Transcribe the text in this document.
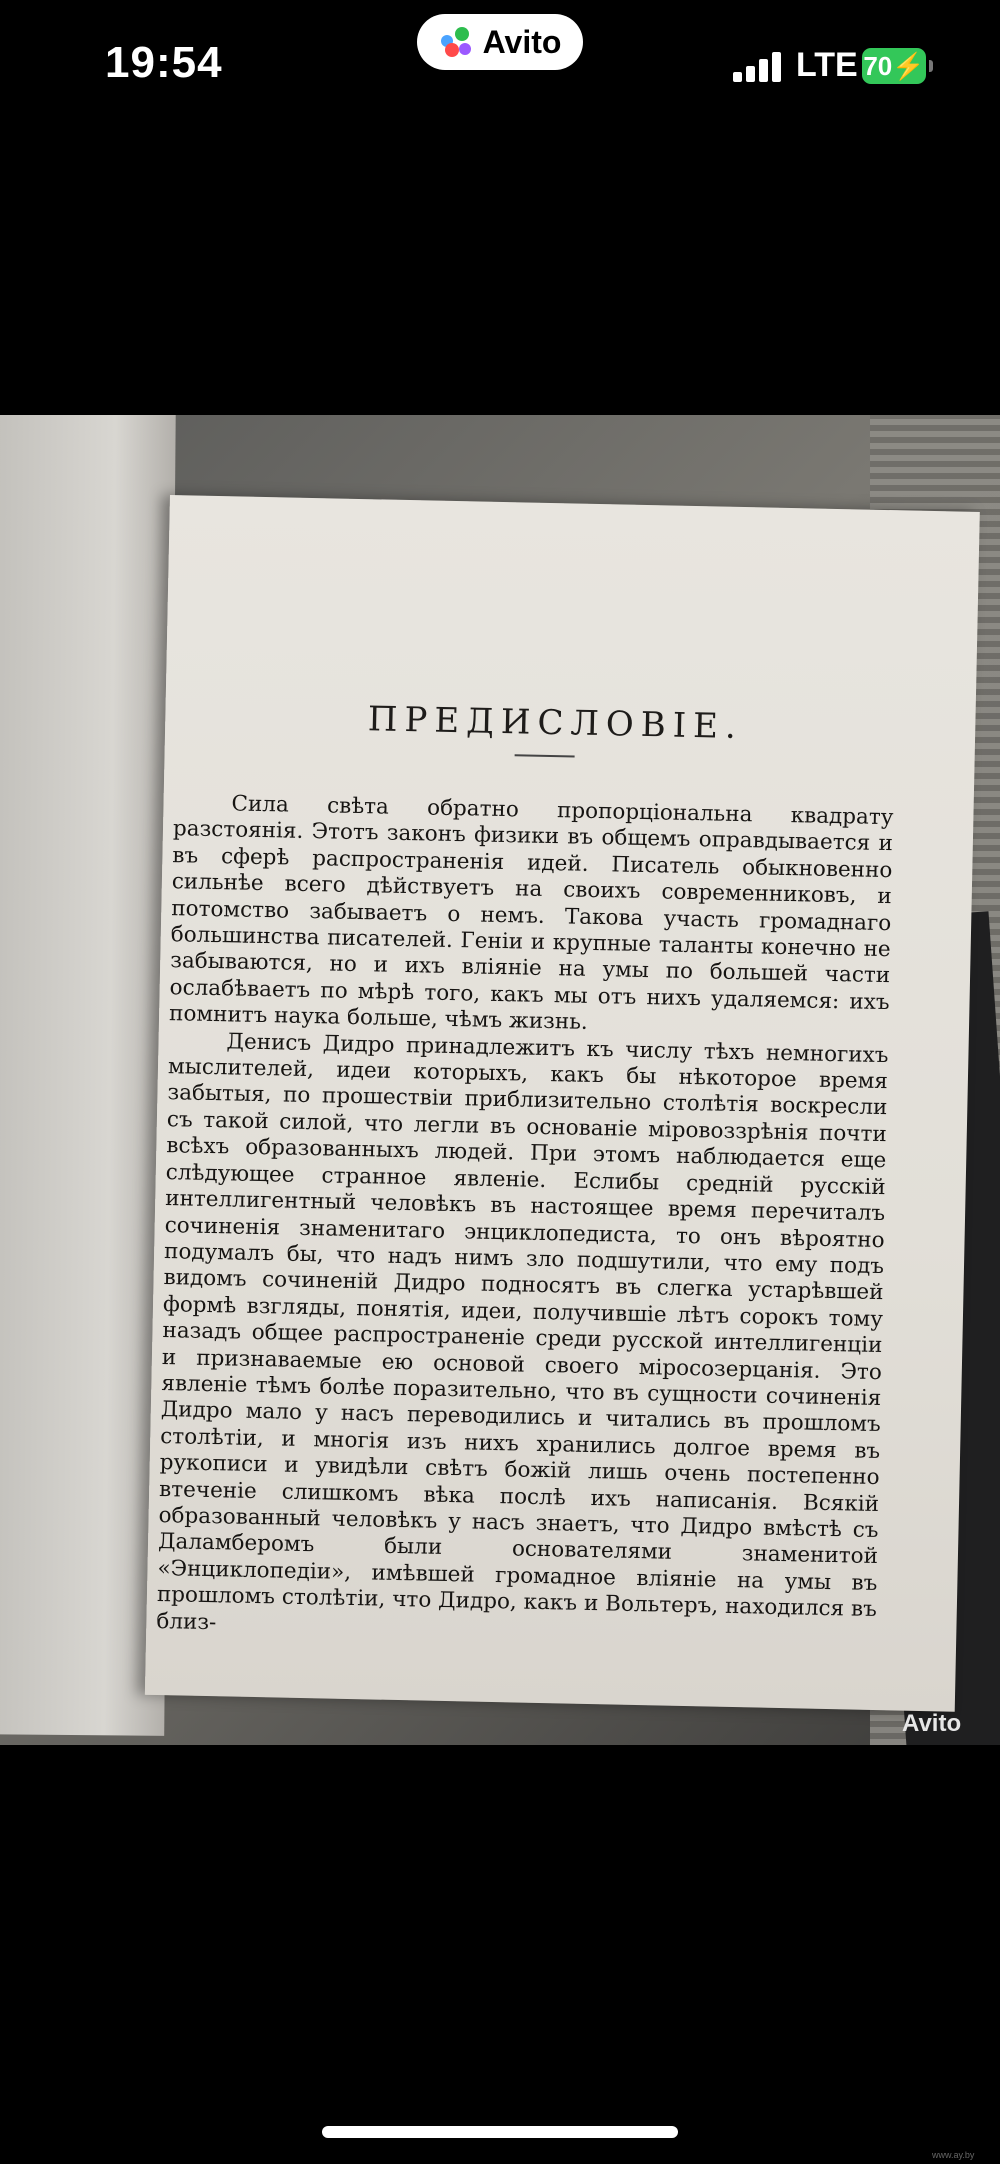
19:54	Avito
LTE 70 ⚡
ПРЕДИСЛОВІЕ.

Сила свѣта обратно пропорціональна квадрату разстоянія. Этотъ законъ физики въ общемъ оправдывается и въ сферѣ распространенія идей. Писатель обыкновенно сильнѣе всего дѣйствуетъ на своихъ современниковъ, и потомство забываетъ о немъ. Такова участь громаднаго большинства писателей. Геніи и крупные таланты конечно не забываются, но и ихъ вліяніе на умы по большей части ослабѣваетъ по мѣрѣ того, какъ мы отъ нихъ удаляемся: ихъ помнитъ наука больше, чѣмъ жизнь.

Денисъ Дидро принадлежитъ къ числу тѣхъ немногихъ мыслителей, идеи которыхъ, какъ бы нѣкоторое время забытыя, по прошествіи приблизительно столѣтія воскресли съ такой силой, что легли въ основаніе міровоззрѣнія почти всѣхъ образованныхъ людей. При этомъ наблюдается еще слѣдующее странное явленіе. Еслибы средній русскій интеллигентный человѣкъ въ настоящее время перечиталъ сочиненія знаменитаго энциклопедиста, то онъ вѣроятно подумалъ бы, что надъ нимъ зло подшутили, что ему подъ видомъ сочиненій Дидро подносятъ въ слегка устарѣвшей формѣ взгляды, понятія, идеи, получившіе лѣтъ сорокъ тому назадъ общее распространеніе среди русской интеллигенціи и признаваемые ею основой своего міросозерцанія. Это явленіе тѣмъ болѣе поразительно, что въ сущности сочиненія Дидро мало у насъ переводились и читались въ прошломъ столѣтіи, и многія изъ нихъ хранились долгое время въ рукописи и увидѣли свѣтъ божій лишь очень постепенно втеченіе слишкомъ вѣка послѣ ихъ написанія. Всякій образованный человѣкъ у насъ знаетъ, что Дидро вмѣстѣ съ Даламберомъ были основателями знаменитой «Энциклопедіи», имѣвшей громадное вліяніе на умы въ прошломъ столѣтіи, что Дидро, какъ и Вольтеръ, находился въ близ-

Avito
www.ay.by
